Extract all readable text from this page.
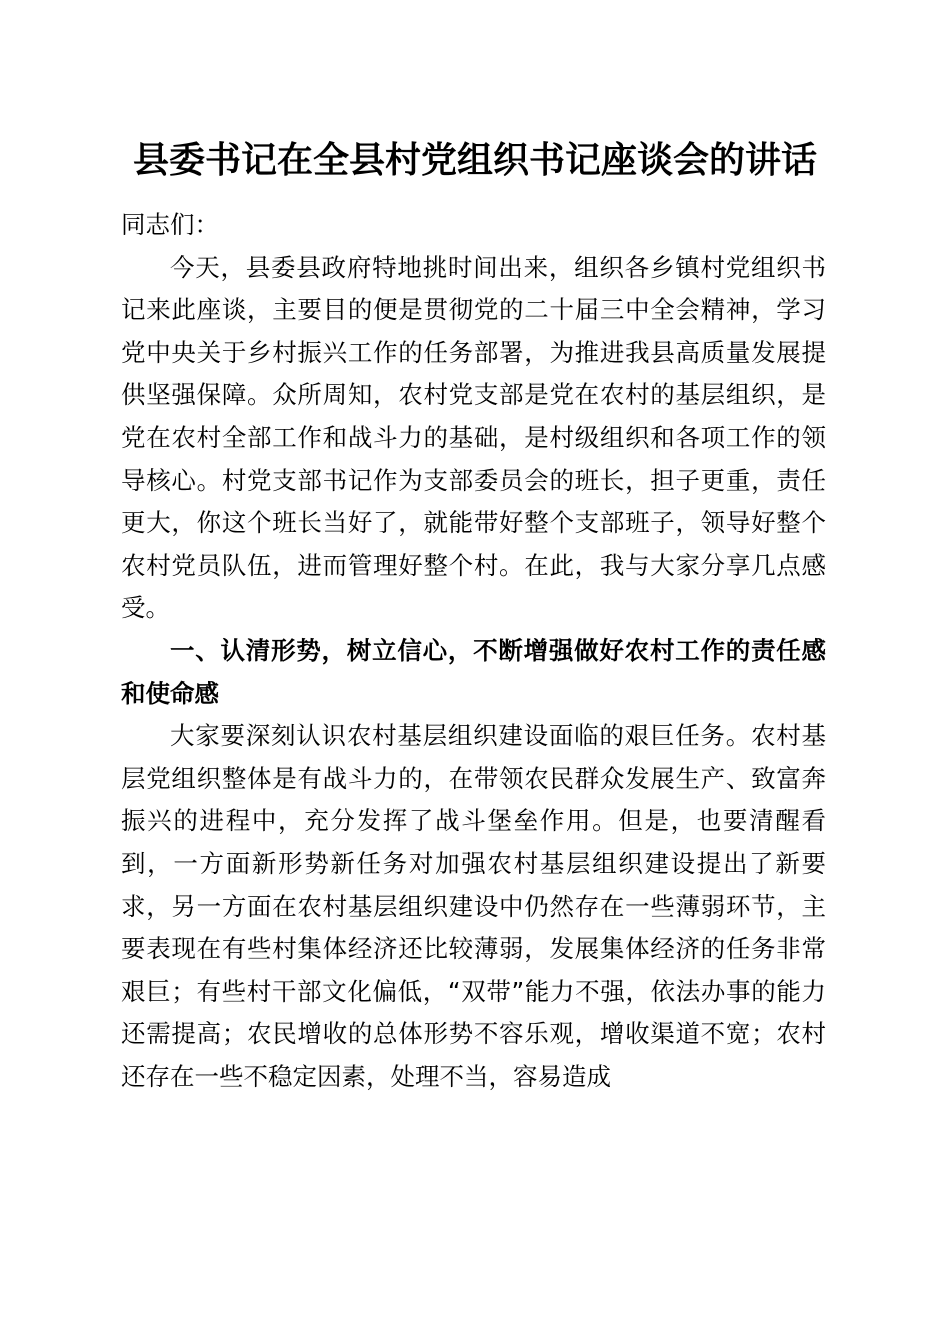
县委书记在全县村党组织书记座谈会的讲话

同志们：

今天，县委县政府特地挑时间出来，组织各乡镇村党组织书记来此座谈，主要目的便是贯彻党的二十届三中全会精神，学习党中央关于乡村振兴工作的任务部署，为推进我县高质量发展提供坚强保障。众所周知，农村党支部是党在农村的基层组织，是党在农村全部工作和战斗力的基础，是村级组织和各项工作的领导核心。村党支部书记作为支部委员会的班长，担子更重，责任更大，你这个班长当好了，就能带好整个支部班子，领导好整个农村党员队伍，进而管理好整个村。在此，我与大家分享几点感受。

一、认清形势，树立信心，不断增强做好农村工作的责任感和使命感

大家要深刻认识农村基层组织建设面临的艰巨任务。农村基层党组织整体是有战斗力的，在带领农民群众发展生产、致富奔振兴的进程中，充分发挥了战斗堡垒作用。但是，也要清醒看到，一方面新形势新任务对加强农村基层组织建设提出了新要求，另一方面在农村基层组织建设中仍然存在一些薄弱环节，主要表现在有些村集体经济还比较薄弱，发展集体经济的任务非常艰巨；有些村干部文化偏低，“双带”能力不强，依法办事的能力还需提高；农民增收的总体形势不容乐观，增收渠道不宽；农村还存在一些不稳定因素，处理不当，容易造成
